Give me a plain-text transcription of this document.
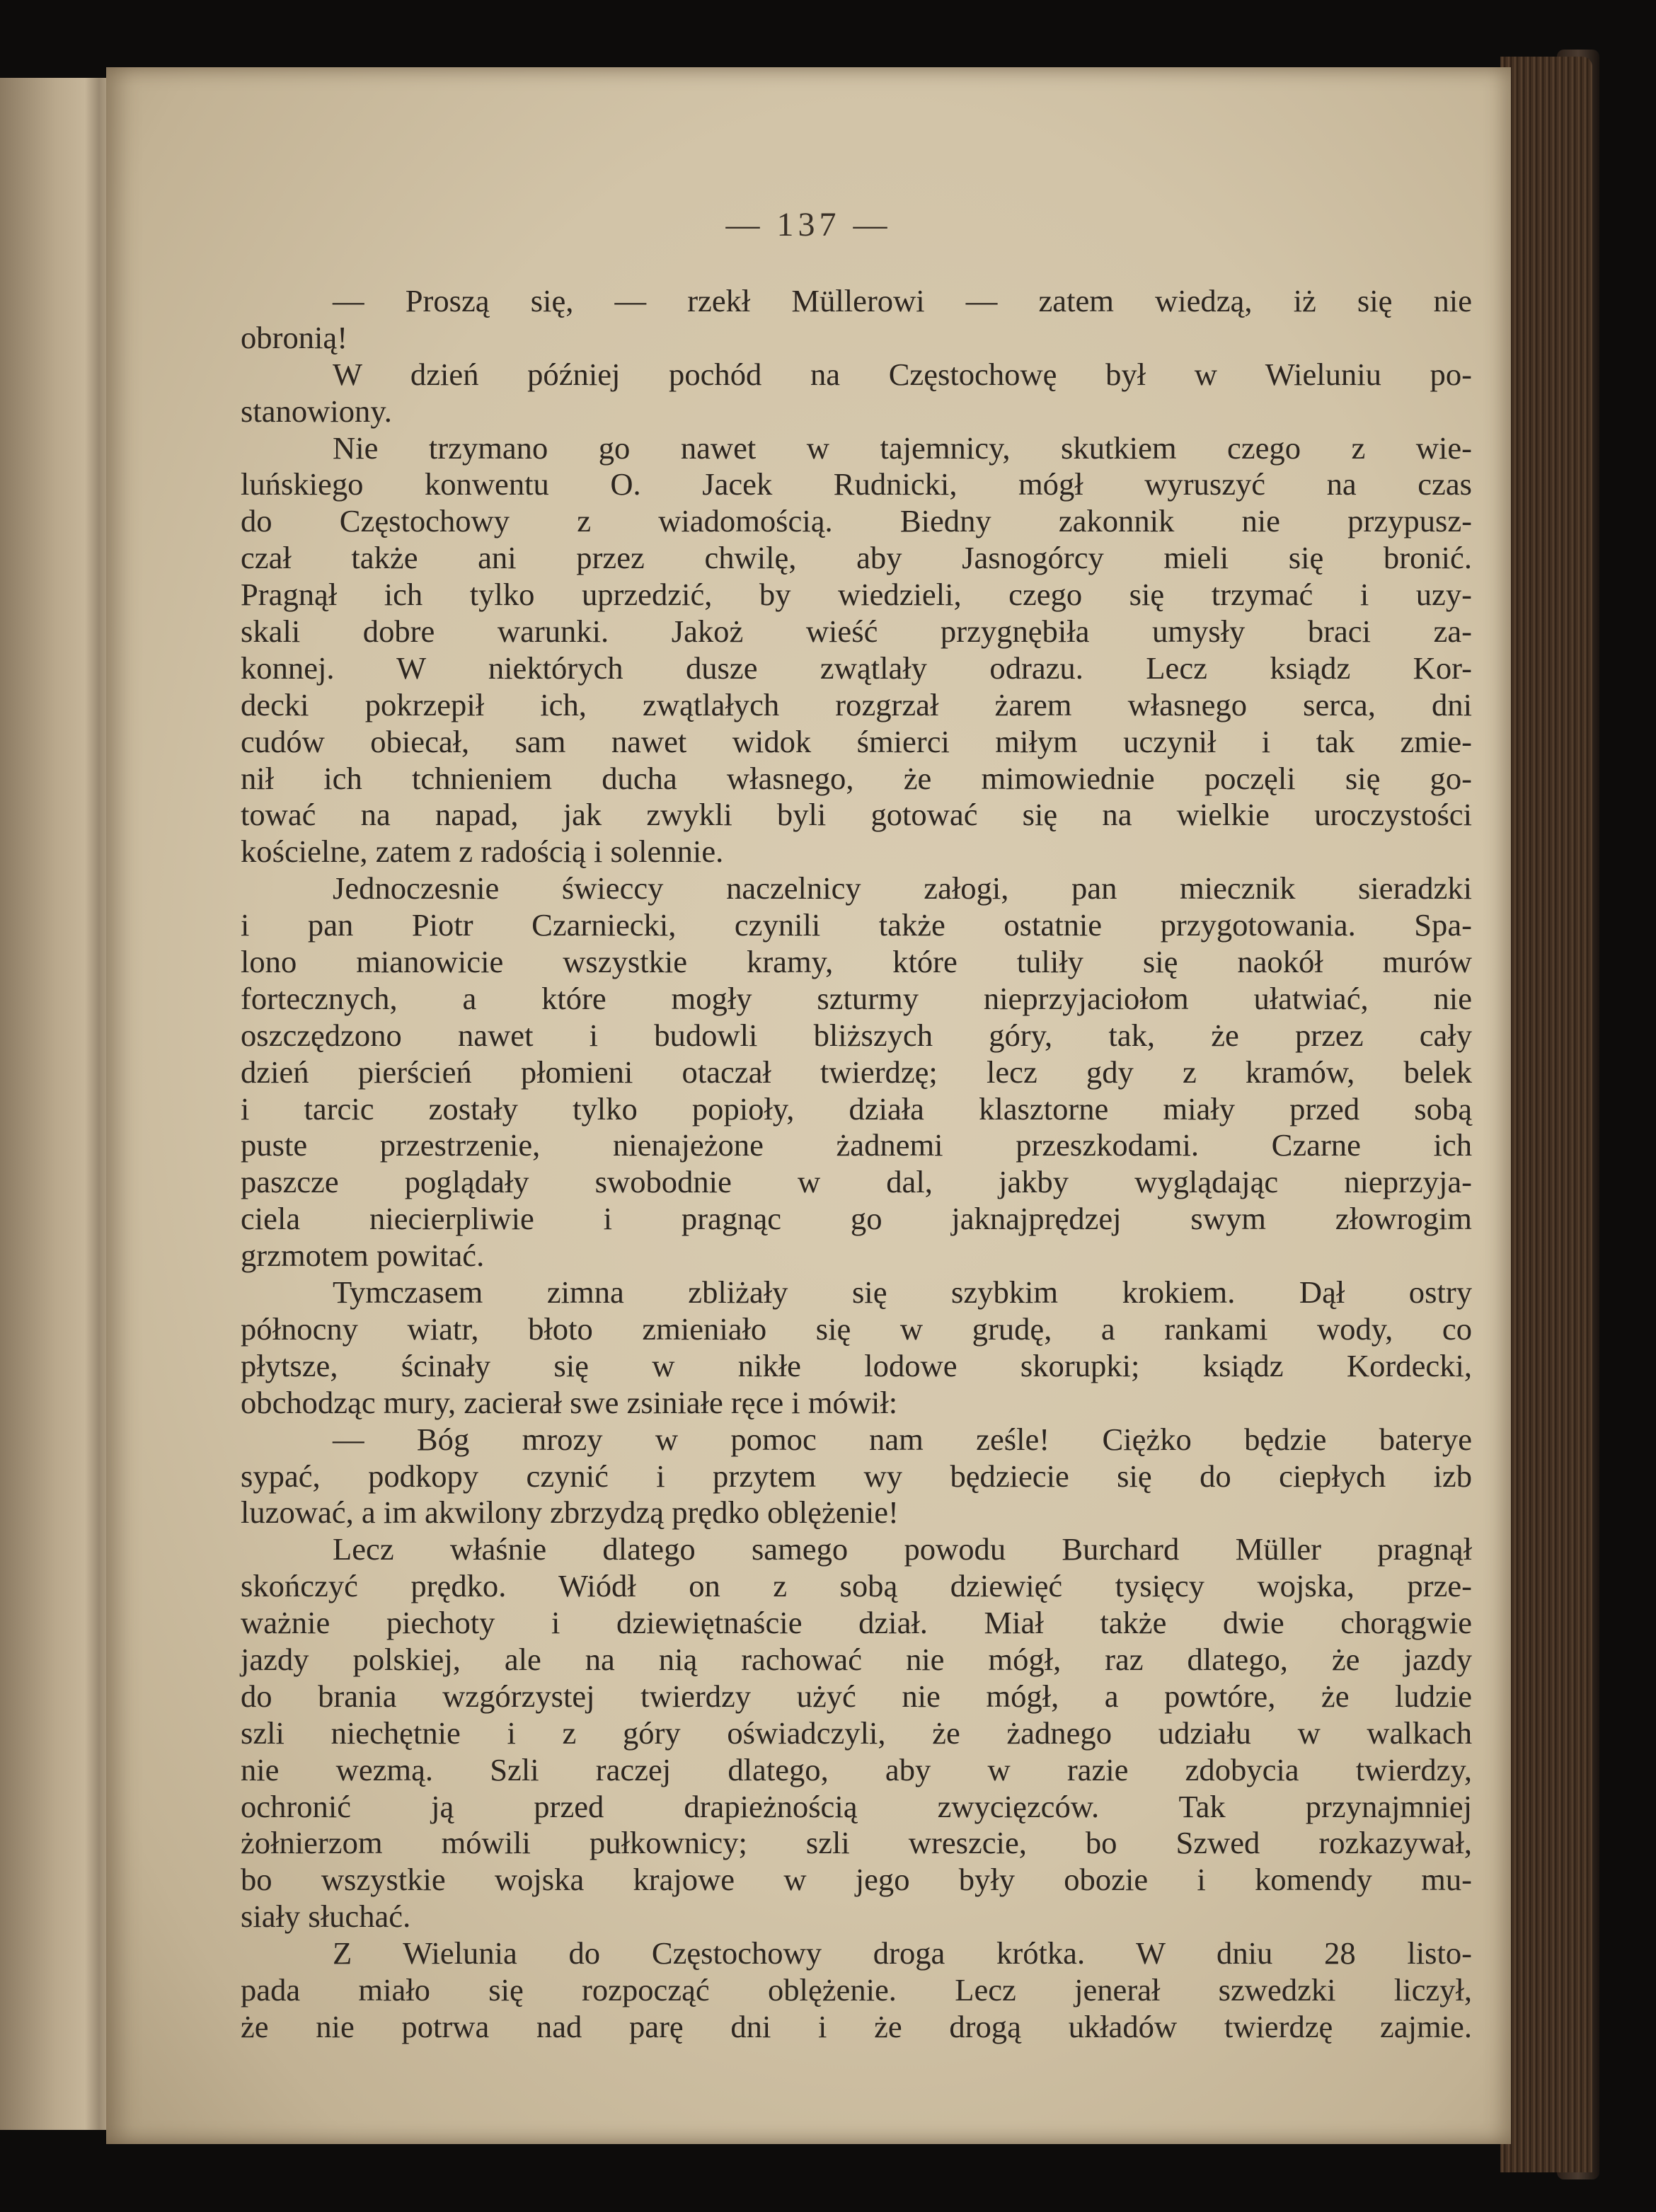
— 137 —
— Proszą się, — rzekł Müllerowi — zatem wiedzą, iż się nie
obronią!
W dzień później pochód na Częstochowę był w Wieluniu po-
stanowiony.
Nie trzymano go nawet w tajemnicy, skutkiem czego z wie-
luńskiego konwentu O. Jacek Rudnicki, mógł wyruszyć na czas
do Częstochowy z wiadomością. Biedny zakonnik nie przypusz-
czał także ani przez chwilę, aby Jasnogórcy mieli się bronić.
Pragnął ich tylko uprzedzić, by wiedzieli, czego się trzymać i uzy-
skali dobre warunki. Jakoż wieść przygnębiła umysły braci za-
konnej. W niektórych dusze zwątlały odrazu. Lecz ksiądz Kor-
decki pokrzepił ich, zwątlałych rozgrzał żarem własnego serca, dni
cudów obiecał, sam nawet widok śmierci miłym uczynił i tak zmie-
nił ich tchnieniem ducha własnego, że mimowiednie poczęli się go-
tować na napad, jak zwykli byli gotować się na wielkie uroczystości
kościelne, zatem z radością i solennie.
Jednoczesnie świeccy naczelnicy załogi, pan miecznik sieradzki
i pan Piotr Czarniecki, czynili także ostatnie przygotowania. Spa-
lono mianowicie wszystkie kramy, które tuliły się naokół murów
fortecznych, a które mogły szturmy nieprzyjaciołom ułatwiać, nie
oszczędzono nawet i budowli bliższych góry, tak, że przez cały
dzień pierścień płomieni otaczał twierdzę; lecz gdy z kramów, belek
i tarcic zostały tylko popioły, działa klasztorne miały przed sobą
puste przestrzenie, nienajeżone żadnemi przeszkodami. Czarne ich
paszcze poglądały swobodnie w dal, jakby wyglądając nieprzyja-
ciela niecierpliwie i pragnąc go jaknajprędzej swym złowrogim
grzmotem powitać.
Tymczasem zimna zbliżały się szybkim krokiem. Dął ostry
północny wiatr, błoto zmieniało się w grudę, a rankami wody, co
płytsze, ścinały się w nikłe lodowe skorupki; ksiądz Kordecki,
obchodząc mury, zacierał swe zsiniałe ręce i mówił:
— Bóg mrozy w pomoc nam ześle! Ciężko będzie baterye
sypać, podkopy czynić i przytem wy będziecie się do ciepłych izb
luzować, a im akwilony zbrzydzą prędko oblężenie!
Lecz właśnie dlatego samego powodu Burchard Müller pragnął
skończyć prędko. Wiódł on z sobą dziewięć tysięcy wojska, prze-
ważnie piechoty i dziewiętnaście dział. Miał także dwie chorągwie
jazdy polskiej, ale na nią rachować nie mógł, raz dlatego, że jazdy
do brania wzgórzystej twierdzy użyć nie mógł, a powtóre, że ludzie
szli niechętnie i z góry oświadczyli, że żadnego udziału w walkach
nie wezmą. Szli raczej dlatego, aby w razie zdobycia twierdzy,
ochronić ją przed drapieżnością zwycięzców. Tak przynajmniej
żołnierzom mówili pułkownicy; szli wreszcie, bo Szwed rozkazywał,
bo wszystkie wojska krajowe w jego były obozie i komendy mu-
siały słuchać.
Z Wielunia do Częstochowy droga krótka. W dniu 28 listo-
pada miało się rozpocząć oblężenie. Lecz jenerał szwedzki liczył,
że nie potrwa nad parę dni i że drogą układów twierdzę zajmie.
